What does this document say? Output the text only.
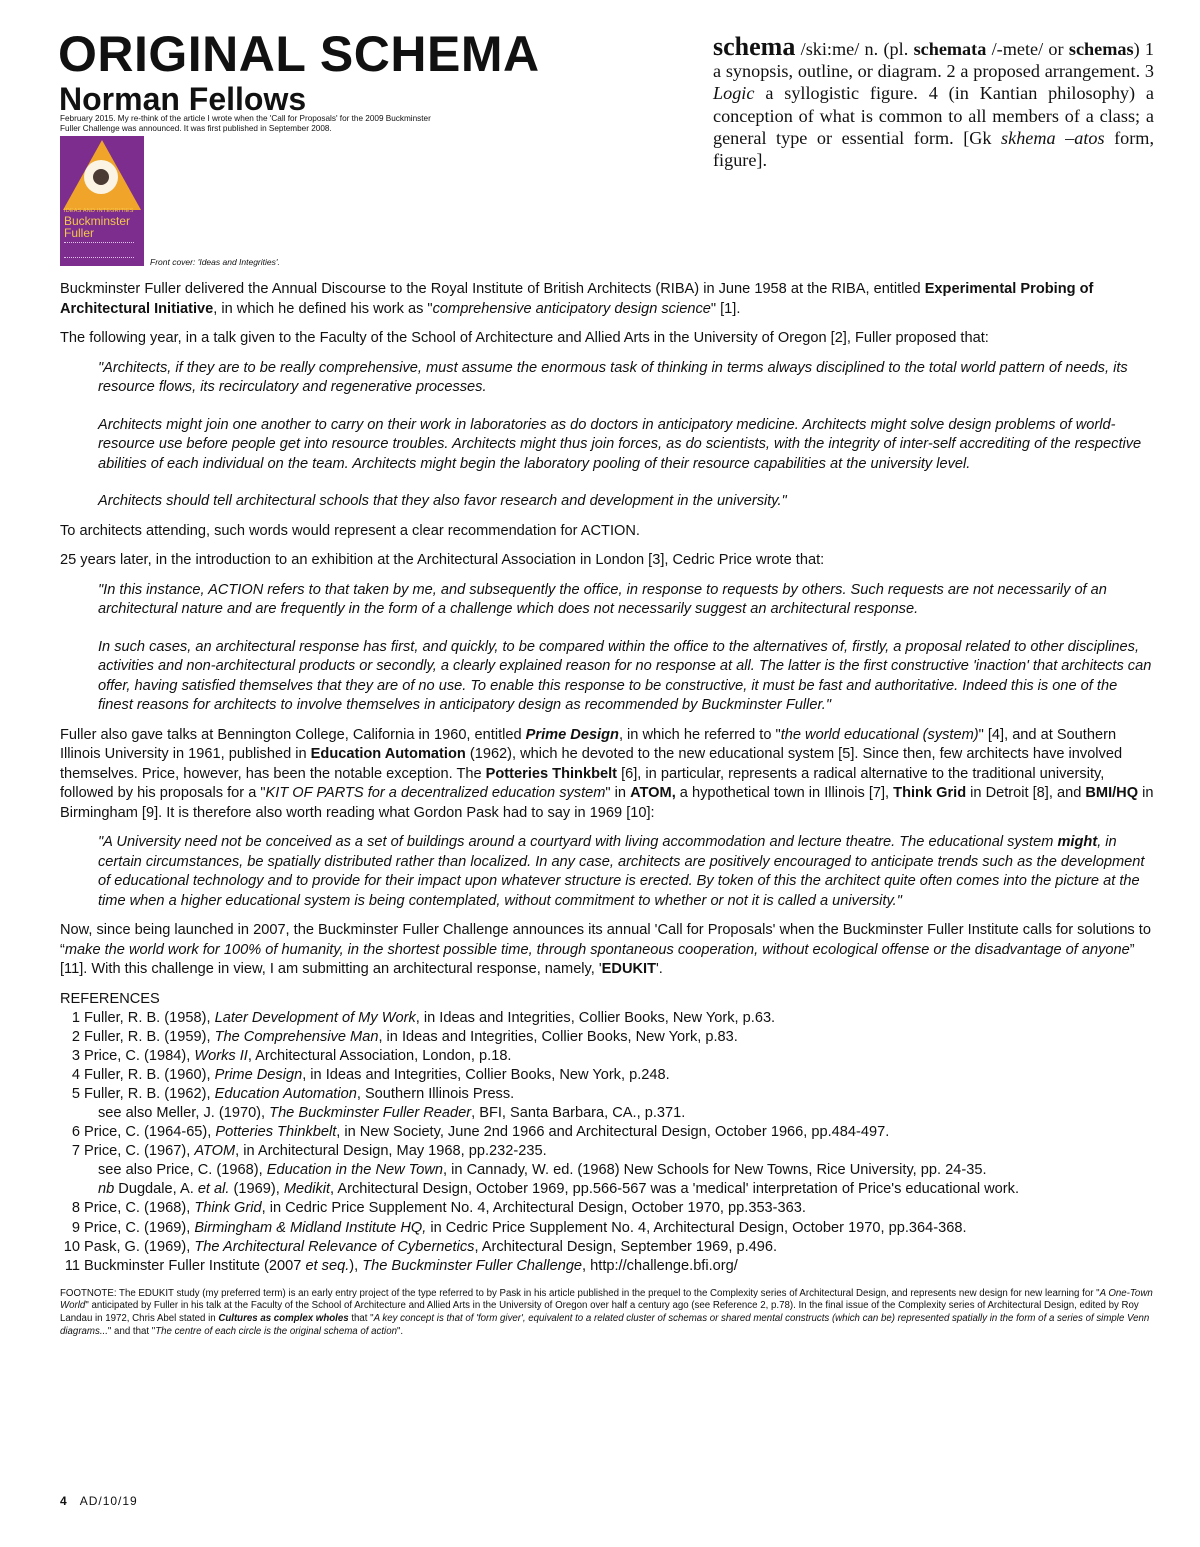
ORIGINAL SCHEMA
Norman Fellows
February 2015. My re-think of the article I wrote when the 'Call for Proposals' for the 2009 Buckminster Fuller Challenge was announced. It was first published in September 2008.
IDEAS AND INTEGRITIES
Buckminster
Fuller
Front cover: 'Ideas and Integrities'.

schema /ski:me/ n. (pl. schemata /-mete/ or schemas) 1 a synopsis, outline, or diagram. 2 a proposed arrangement. 3 Logic a syllogistic figure. 4 (in Kantian philosophy) a conception of what is common to all members of a class; a general type or essential form. [Gk skhema –atos form, figure].

Buckminster Fuller delivered the Annual Discourse to the Royal Institute of British Architects (RIBA) in June 1958 at the RIBA, entitled Experimental Probing of Architectural Initiative, in which he defined his work as "comprehensive anticipatory design science" [1].

The following year, in a talk given to the Faculty of the School of Architecture and Allied Arts in the University of Oregon [2], Fuller proposed that:

"Architects, if they are to be really comprehensive, must assume the enormous task of thinking in terms always disciplined to the total world pattern of needs, its resource flows, its recirculatory and regenerative processes.

Architects might join one another to carry on their work in laboratories as do doctors in anticipatory medicine. Architects might solve design problems of world-resource use before people get into resource troubles. Architects might thus join forces, as do scientists, with the integrity of inter-self accrediting of the respective abilities of each individual on the team. Architects might begin the laboratory pooling of their resource capabilities at the university level.

Architects should tell architectural schools that they also favor research and development in the university."

To architects attending, such words would represent a clear recommendation for ACTION.

25 years later, in the introduction to an exhibition at the Architectural Association in London [3], Cedric Price wrote that:

"In this instance, ACTION refers to that taken by me, and subsequently the office, in response to requests by others. Such requests are not necessarily of an architectural nature and are frequently in the form of a challenge which does not necessarily suggest an architectural response.

In such cases, an architectural response has first, and quickly, to be compared within the office to the alternatives of, firstly, a proposal related to other disciplines, activities and non-architectural products or secondly, a clearly explained reason for no response at all. The latter is the first constructive 'inaction' that architects can offer, having satisfied themselves that they are of no use. To enable this response to be constructive, it must be fast and authoritative. Indeed this is one of the finest reasons for architects to involve themselves in anticipatory design as recommended by Buckminster Fuller."

Fuller also gave talks at Bennington College, California in 1960, entitled Prime Design, in which he referred to "the world educational (system)" [4], and at Southern Illinois University in 1961, published in Education Automation (1962), which he devoted to the new educational system [5]. Since then, few architects have involved themselves. Price, however, has been the notable exception. The Potteries Thinkbelt [6], in particular, represents a radical alternative to the traditional university, followed by his proposals for a "KIT OF PARTS for a decentralized education system" in ATOM, a hypothetical town in Illinois [7], Think Grid in Detroit [8], and BMI/HQ in Birmingham [9]. It is therefore also worth reading what Gordon Pask had to say in 1969 [10]:

"A University need not be conceived as a set of buildings around a courtyard with living accommodation and lecture theatre. The educational system might, in certain circumstances, be spatially distributed rather than localized. In any case, architects are positively encouraged to anticipate trends such as the development of educational technology and to provide for their impact upon whatever structure is erected. By token of this the architect quite often comes into the picture at the time when a higher educational system is being contemplated, without commitment to whether or not it is called a university."

Now, since being launched in 2007, the Buckminster Fuller Challenge announces its annual 'Call for Proposals' when the Buckminster Fuller Institute calls for solutions to “make the world work for 100% of humanity, in the shortest possible time, through spontaneous cooperation, without ecological offense or the disadvantage of anyone” [11]. With this challenge in view, I am submitting an architectural response, namely, 'EDUKIT'.

REFERENCES
1 Fuller, R. B. (1958), Later Development of My Work, in Ideas and Integrities, Collier Books, New York, p.63.
2 Fuller, R. B. (1959), The Comprehensive Man, in Ideas and Integrities, Collier Books, New York, p.83.
3 Price, C. (1984), Works II, Architectural Association, London, p.18.
4 Fuller, R. B. (1960), Prime Design, in Ideas and Integrities, Collier Books, New York, p.248.
5 Fuller, R. B. (1962), Education Automation, Southern Illinois Press.
see also Meller, J. (1970), The Buckminster Fuller Reader, BFI, Santa Barbara, CA., p.371.
6 Price, C. (1964-65), Potteries Thinkbelt, in New Society, June 2nd 1966 and Architectural Design, October 1966, pp.484-497.
7 Price, C. (1967), ATOM, in Architectural Design, May 1968, pp.232-235.
see also Price, C. (1968), Education in the New Town, in Cannady, W. ed. (1968) New Schools for New Towns, Rice University, pp. 24-35.
nb Dugdale, A. et al. (1969), Medikit, Architectural Design, October 1969, pp.566-567 was a 'medical' interpretation of Price's educational work.
8 Price, C. (1968), Think Grid, in Cedric Price Supplement No. 4, Architectural Design, October 1970, pp.353-363.
9 Price, C. (1969), Birmingham & Midland Institute HQ, in Cedric Price Supplement No. 4, Architectural Design, October 1970, pp.364-368.
10 Pask, G. (1969), The Architectural Relevance of Cybernetics, Architectural Design, September 1969, p.496.
11 Buckminster Fuller Institute (2007 et seq.), The Buckminster Fuller Challenge, http://challenge.bfi.org/
FOOTNOTE: The EDUKIT study (my preferred term) is an early entry project of the type referred to by Pask in his article published in the prequel to the Complexity series of Architectural Design, and represents new design for new learning for "A One-Town World" anticipated by Fuller in his talk at the Faculty of the School of Architecture and Allied Arts in the University of Oregon over half a century ago (see Reference 2, p.78). In the final issue of the Complexity series of Architectural Design, edited by Roy Landau in 1972, Chris Abel stated in Cultures as complex wholes that "A key concept is that of 'form giver', equivalent to a related cluster of schemas or shared mental constructs (which can be) represented spatially in the form of a series of simple Venn diagrams..." and that "The centre of each circle is the original schema of action".
4 AD/10/19
